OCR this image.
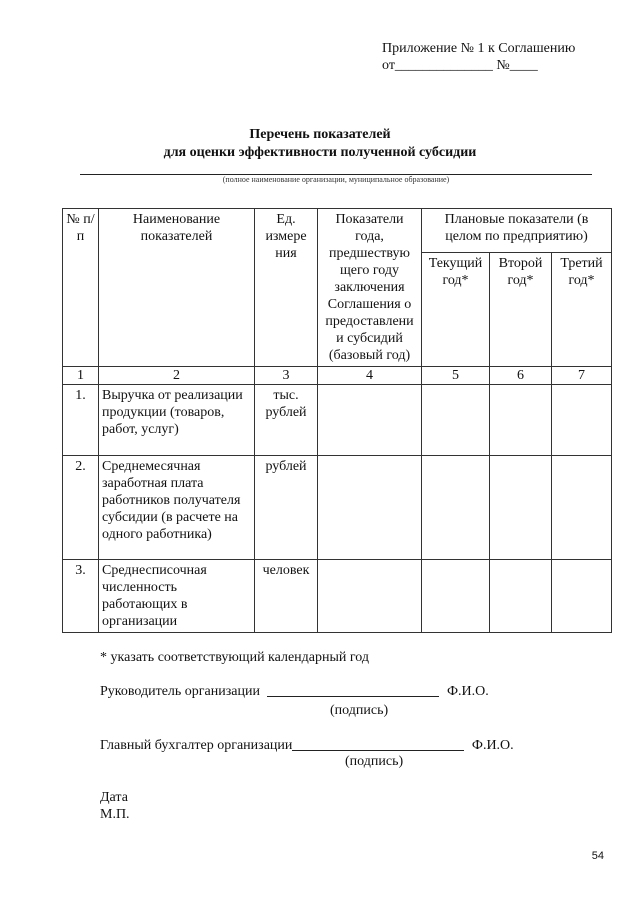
Приложение № 1 к Соглашению
от______________ №____
Перечень показателей
для оценки эффективности полученной субсидии
(полное наименование организации, муниципальное образование)
№ п/п	Наименование показателей	Ед. измере ния	Показатели года, предшествую щего году заключения Соглашения о предоставлени и субсидий (базовый год)	Плановые показатели (в целом по предприятию)		
				Текущий год*	Второй год*	Третий год*
1	2	3	4	5	6	7
1.	Выручка от реализации продукции (товаров, работ, услуг)	тыс. рублей				
2.	Среднемесячная заработная плата работников получателя субсидии (в расчете на одного работника)	рублей				
3.	Среднесписочная численность работающих в организации	человек				
* указать соответствующий календарный год
Руководитель организации	Ф.И.О.
(подпись)
Главный бухгалтер организации	Ф.И.О.
(подпись)
Дата
М.П.
54
